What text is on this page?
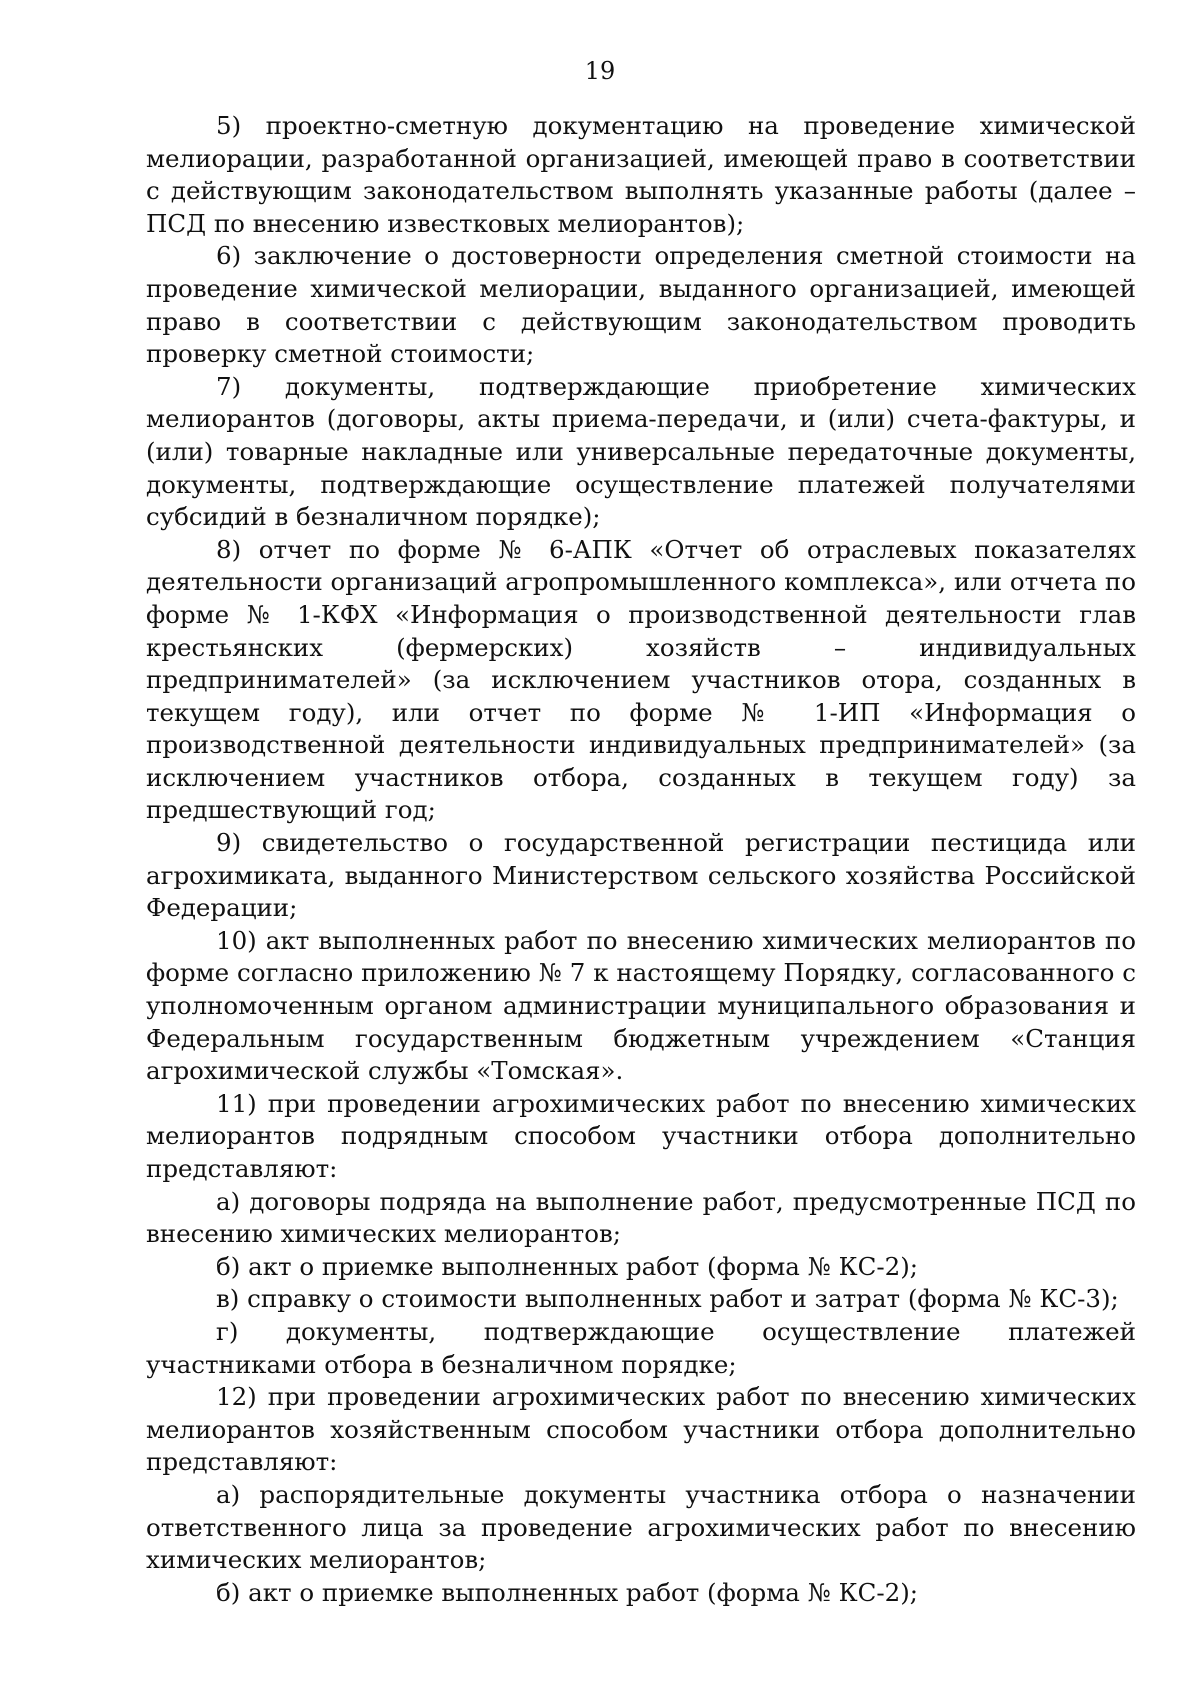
19

5) проектно-сметную документацию на проведение химической мелиорации, разработанной организацией, имеющей право в соответствии с действующим законодательством выполнять указанные работы (далее – ПСД по внесению известковых мелиорантов);

6) заключение о достоверности определения сметной стоимости на проведение химической мелиорации, выданного организацией, имеющей право в соответствии с действующим законодательством проводить проверку сметной стоимости;

7) документы, подтверждающие приобретение химических мелиорантов (договоры, акты приема-передачи, и (или) счета-фактуры, и (или) товарные накладные или универсальные передаточные документы, документы, подтверждающие осуществление платежей получателями субсидий в безналичном порядке);

8) отчет по форме № 6-АПК «Отчет об отраслевых показателях деятельности организаций агропромышленного комплекса», или отчета по форме № 1-КФХ «Информация о производственной деятельности глав крестьянских (фермерских) хозяйств – индивидуальных предпринимателей» (за исключением участников отора, созданных в текущем году), или отчет по форме № 1-ИП «Информация о производственной деятельности индивидуальных предпринимателей» (за исключением участников отбора, созданных в текущем году) за предшествующий год;

9) свидетельство о государственной регистрации пестицида или агрохимиката, выданного Министерством сельского хозяйства Российской Федерации;

10) акт выполненных работ по внесению химических мелиорантов по форме согласно приложению № 7 к настоящему Порядку, согласованного с уполномоченным органом администрации муниципального образования и Федеральным государственным бюджетным учреждением «Станция агрохимической службы «Томская».

11) при проведении агрохимических работ по внесению химических мелиорантов подрядным способом участники отбора дополнительно представляют:

а) договоры подряда на выполнение работ, предусмотренные ПСД по внесению химических мелиорантов;

б) акт о приемке выполненных работ (форма № КС-2);

в) справку о стоимости выполненных работ и затрат (форма № КС-3);

г) документы, подтверждающие осуществление платежей участниками отбора в безналичном порядке;

12) при проведении агрохимических работ по внесению химических мелиорантов хозяйственным способом участники отбора дополнительно представляют:

а) распорядительные документы участника отбора о назначении ответственного лица за проведение агрохимических работ по внесению химических мелиорантов;

б) акт о приемке выполненных работ (форма № КС-2);
